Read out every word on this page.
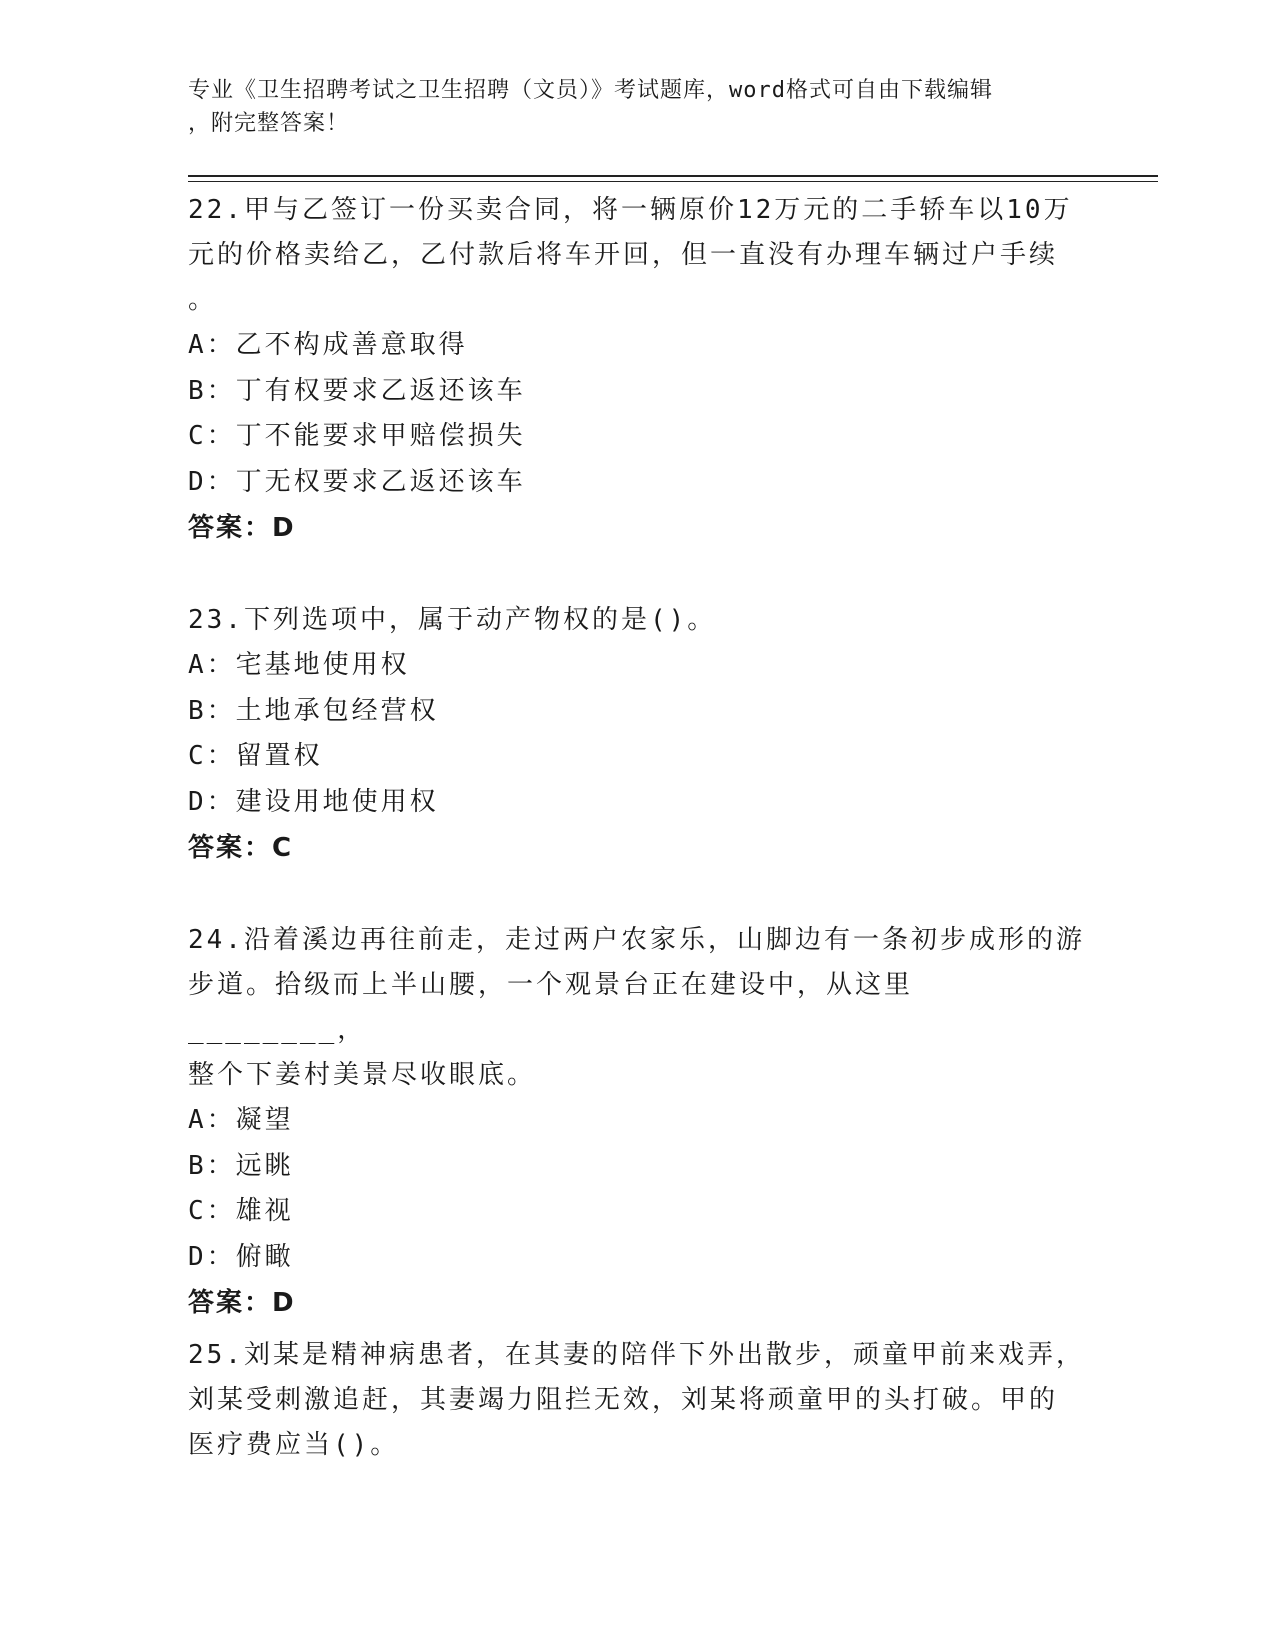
专业《卫生招聘考试之卫生招聘（文员）》考试题库，word格式可自由下载编辑
，附完整答案！
22.甲与乙签订一份买卖合同，将一辆原价12万元的二手轿车以10万
元的价格卖给乙，乙付款后将车开回，但一直没有办理车辆过户手续
。
A：乙不构成善意取得
B：丁有权要求乙返还该车
C：丁不能要求甲赔偿损失
D：丁无权要求乙返还该车
答案：D
23.下列选项中，属于动产物权的是()。
A：宅基地使用权
B：土地承包经营权
C：留置权
D：建设用地使用权
答案：C
24.沿着溪边再往前走，走过两户农家乐，山脚边有一条初步成形的游
步道。拾级而上半山腰，一个观景台正在建设中，从这里________，
整个下姜村美景尽收眼底。
A：凝望
B：远眺
C：雄视
D：俯瞰
答案：D
25.刘某是精神病患者，在其妻的陪伴下外出散步，顽童甲前来戏弄，
刘某受刺激追赶，其妻竭力阻拦无效，刘某将顽童甲的头打破。甲的
医疗费应当()。
